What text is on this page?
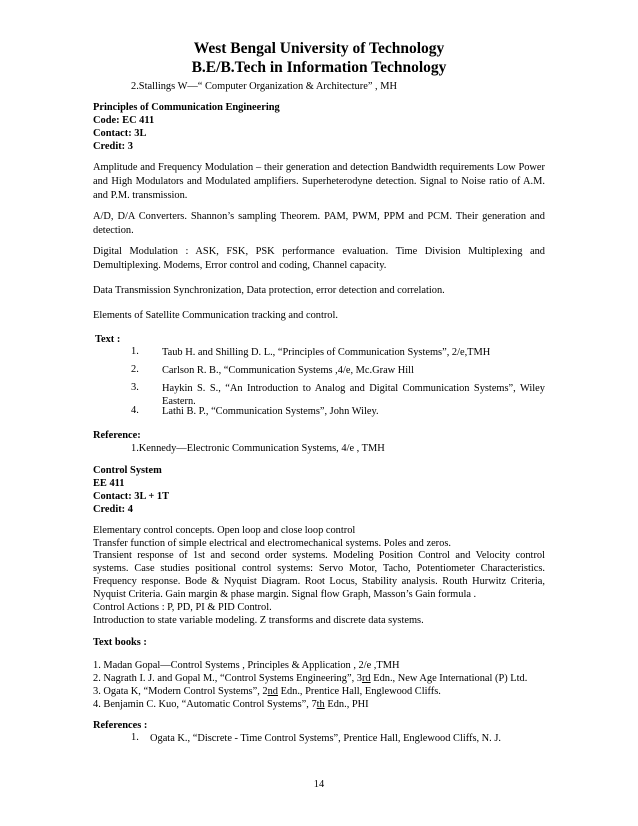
West Bengal University of Technology
B.E/B.Tech in Information Technology
2.Stallings W—“ Computer Organization & Architecture” , MH
Principles of Communication Engineering
Code: EC 411
Contact: 3L
Credit: 3
Amplitude and Frequency Modulation – their generation and detection Bandwidth requirements Low Power and High Modulators and Modulated amplifiers. Superheterodyne detection. Signal to Noise ratio of A.M. and P.M. transmission.
A/D, D/A Converters. Shannon’s sampling Theorem. PAM, PWM, PPM and PCM. Their generation and detection.
Digital Modulation : ASK, FSK, PSK performance evaluation. Time Division Multiplexing and Demultiplexing. Modems, Error control and coding, Channel capacity.
Data Transmission Synchronization, Data protection, error detection and correlation.
Elements of Satellite Communication tracking and control.
Text :
1. Taub H. and Shilling D. L., “Principles of Communication Systems”, 2/e,TMH
2. Carlson R. B., “Communication Systems ,4/e, Mc.Graw Hill
3. Haykin S. S., “An Introduction to Analog and Digital Communication Systems”, Wiley Eastern.
4. Lathi B. P., “Communication Systems”, John Wiley.
Reference:
1.Kennedy—Electronic Communication Systems, 4/e , TMH
Control System
EE 411
Contact: 3L + 1T
Credit: 4
Elementary control concepts. Open loop and close loop control
Transfer function of simple electrical and electromechanical systems. Poles and zeros.
Transient response of 1st and second order systems. Modeling Position Control and Velocity control systems. Case studies positional control systems: Servo Motor, Tacho, Potentiometer Characteristics. Frequency response. Bode & Nyquist Diagram. Root Locus, Stability analysis. Routh Hurwitz Criteria, Nyquist Criteria. Gain margin & phase margin. Signal flow Graph, Masson’s Gain formula .
Control Actions : P, PD, PI & PID Control.
Introduction to state variable modeling. Z transforms and discrete data systems.
Text books :
1. Madan Gopal—Control Systems , Principles & Application , 2/e ,TMH
2. Nagrath I. J. and Gopal M., “Control Systems Engineering”, 3rd Edn., New Age International (P) Ltd.
3. Ogata K, “Modern Control Systems”, 2nd Edn., Prentice Hall, Englewood Cliffs.
4. Benjamin C. Kuo, “Automatic Control Systems”, 7th Edn., PHI
References :
1. Ogata K., “Discrete - Time Control Systems”, Prentice Hall, Englewood Cliffs, N. J.
14
